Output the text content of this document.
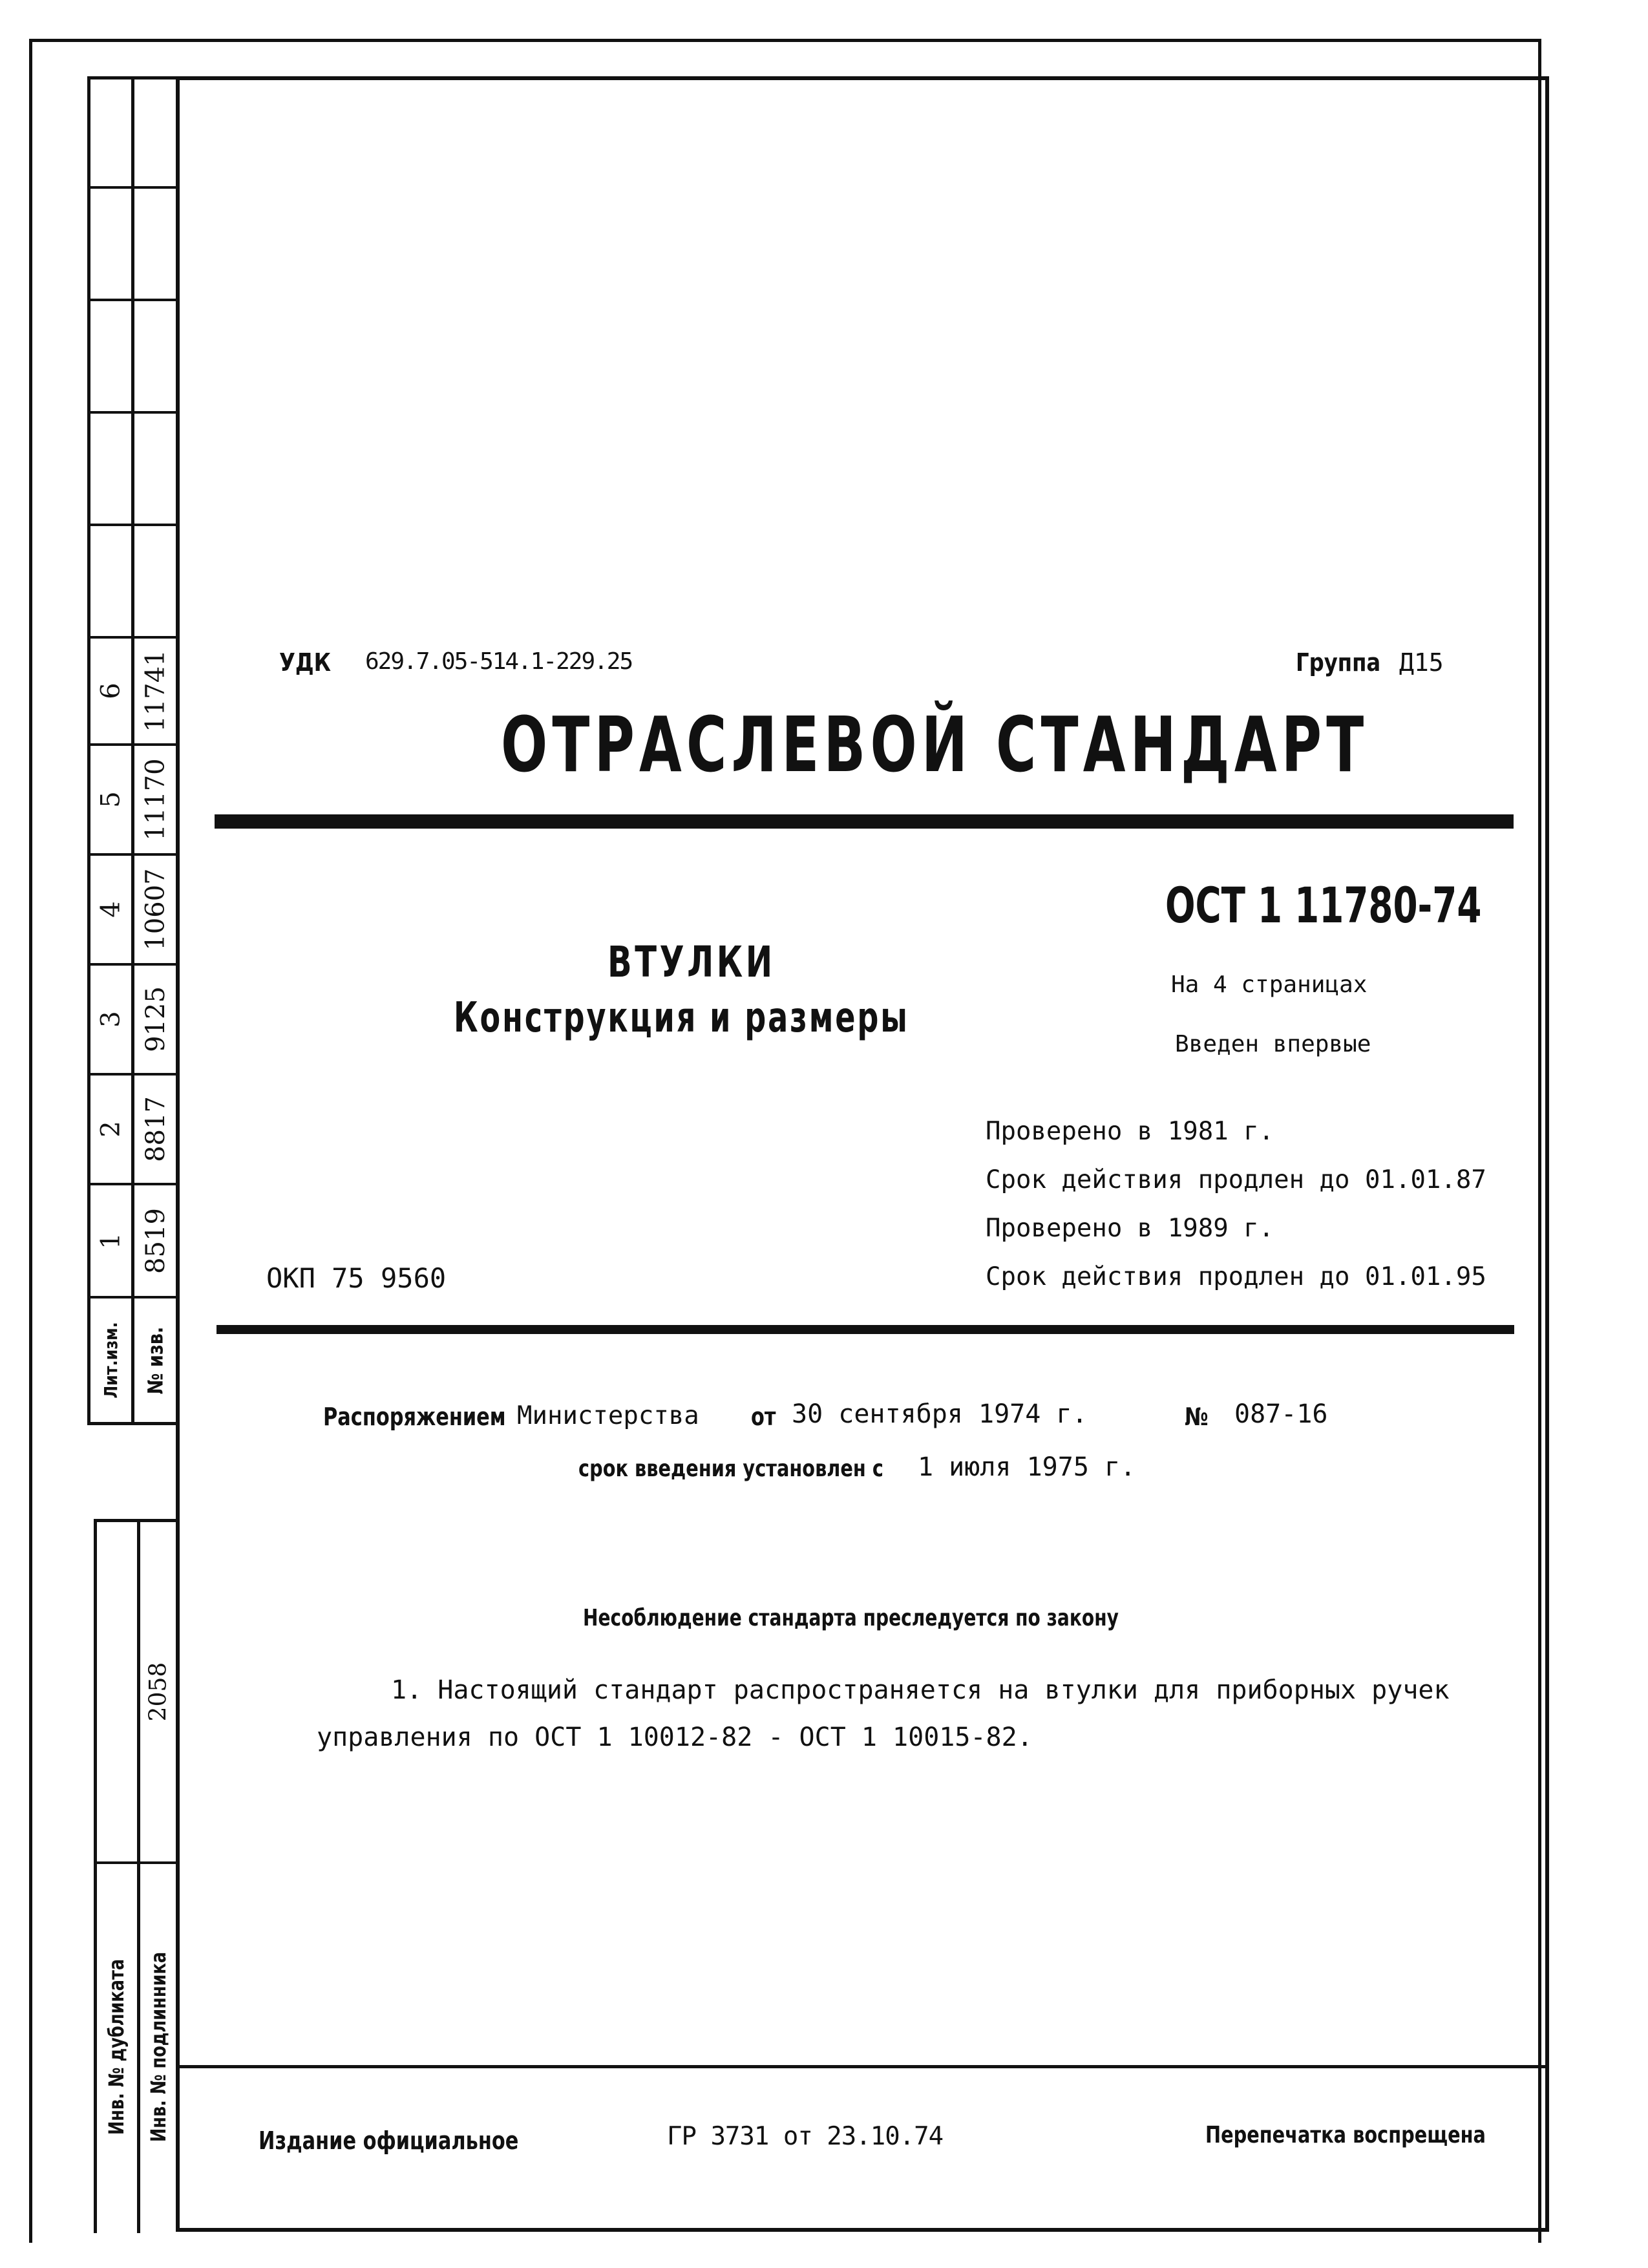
6 11741
5 11170
4 10607
3 9125
2 8817
1 8519
Лит.изм. № изв.
2058
Инв. № дубликата Инв. № подлинника
УДК 629.7.05-514.1-229.25	Группа Д15
ОТРАСЛЕВОЙ СТАНДАРТ
ОСТ 1 11780-74
ВТУЛКИ
Конструкция и размеры
На 4 страницах
Введен впервые
Проверено в 1981 г.
Срок действия продлен до 01.01.87
Проверено в 1989 г.
Срок действия продлен до 01.01.95
ОКП 75 9560
Распоряжением Министерства от 30 сентября 1974 г.	№ 087-16
срок введения установлен с 1 июля 1975 г.
Несоблюдение стандарта преследуется по закону
1. Настоящий стандарт распространяется на втулки для приборных ручек
управления по ОСТ 1 10012-82 - ОСТ 1 10015-82.
Издание официальное	ГР 3731 от 23.10.74	Перепечатка воспрещена
